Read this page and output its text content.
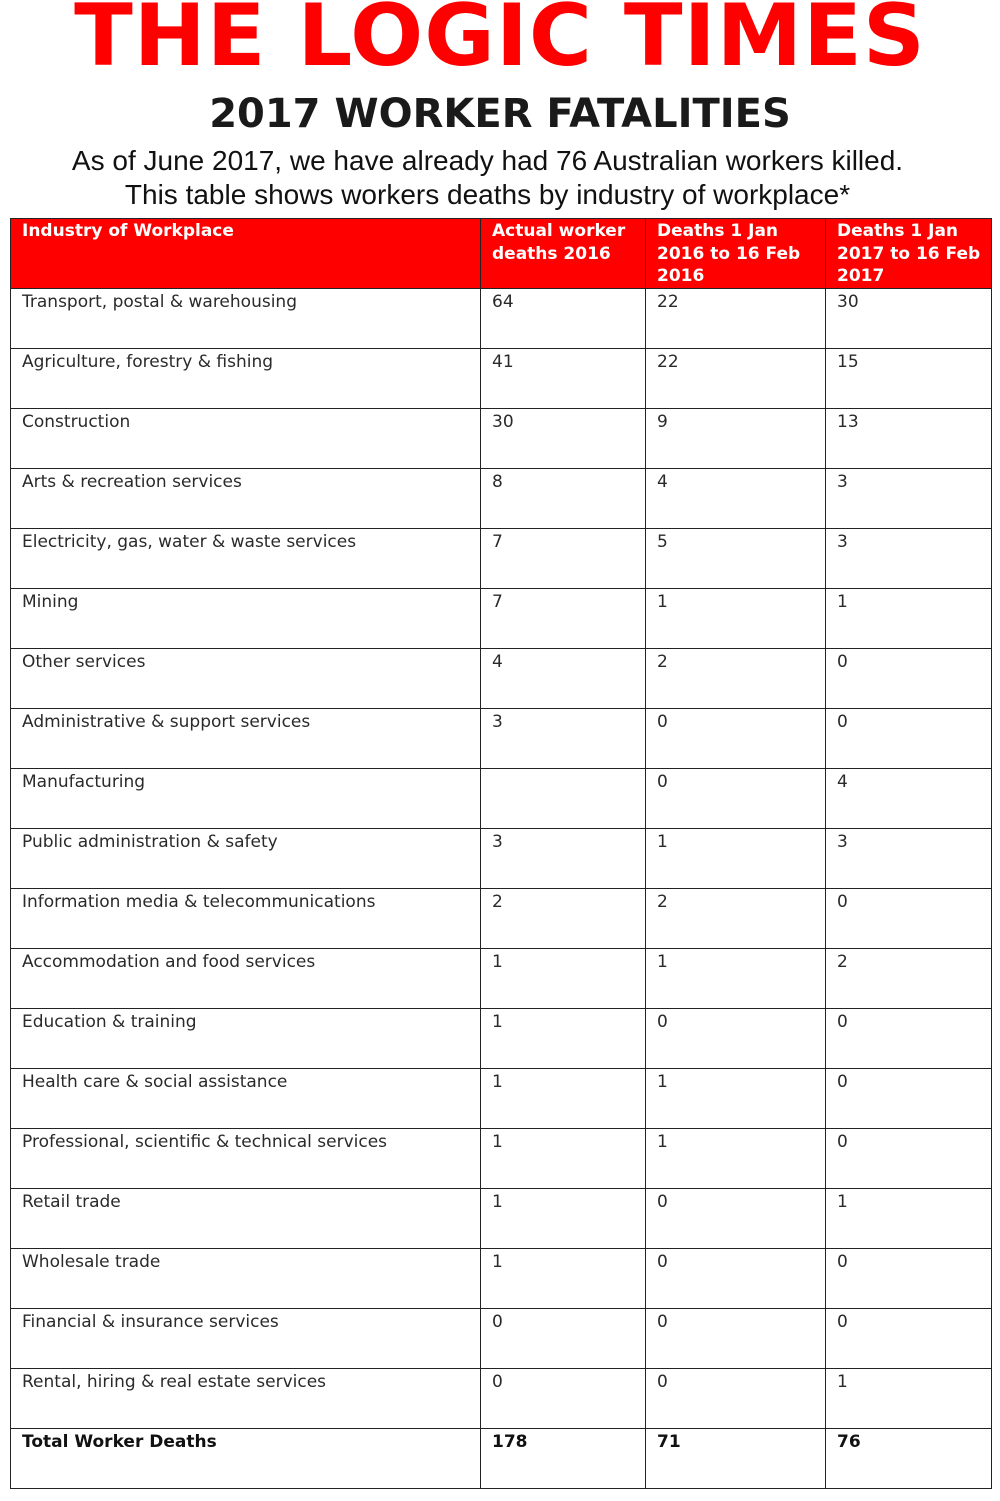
THE LOGIC TIMES
2017 WORKER FATALITIES
As of June 2017, we have already had 76 Australian workers killed.
This table shows workers deaths by industry of workplace*
Industry of Workplace	Actual worker deaths 2016	Deaths 1 Jan 2016 to 16 Feb 2016	Deaths 1 Jan 2017 to 16 Feb 2017
Transport, postal & warehousing	64	22	30
Agriculture, forestry & fishing	41	22	15
Construction	30	9	13
Arts & recreation services	8	4	3
Electricity, gas, water & waste services	7	5	3
Mining	7	1	1
Other services	4	2	0
Administrative & support services	3	0	0
Manufacturing		0	4
Public administration & safety	3	1	3
Information media & telecommunications	2	2	0
Accommodation and food services	1	1	2
Education & training	1	0	0
Health care & social assistance	1	1	0
Professional, scientific & technical services	1	1	0
Retail trade	1	0	1
Wholesale trade	1	0	0
Financial & insurance services	0	0	0
Rental, hiring & real estate services	0	0	1
Total Worker Deaths	178	71	76
